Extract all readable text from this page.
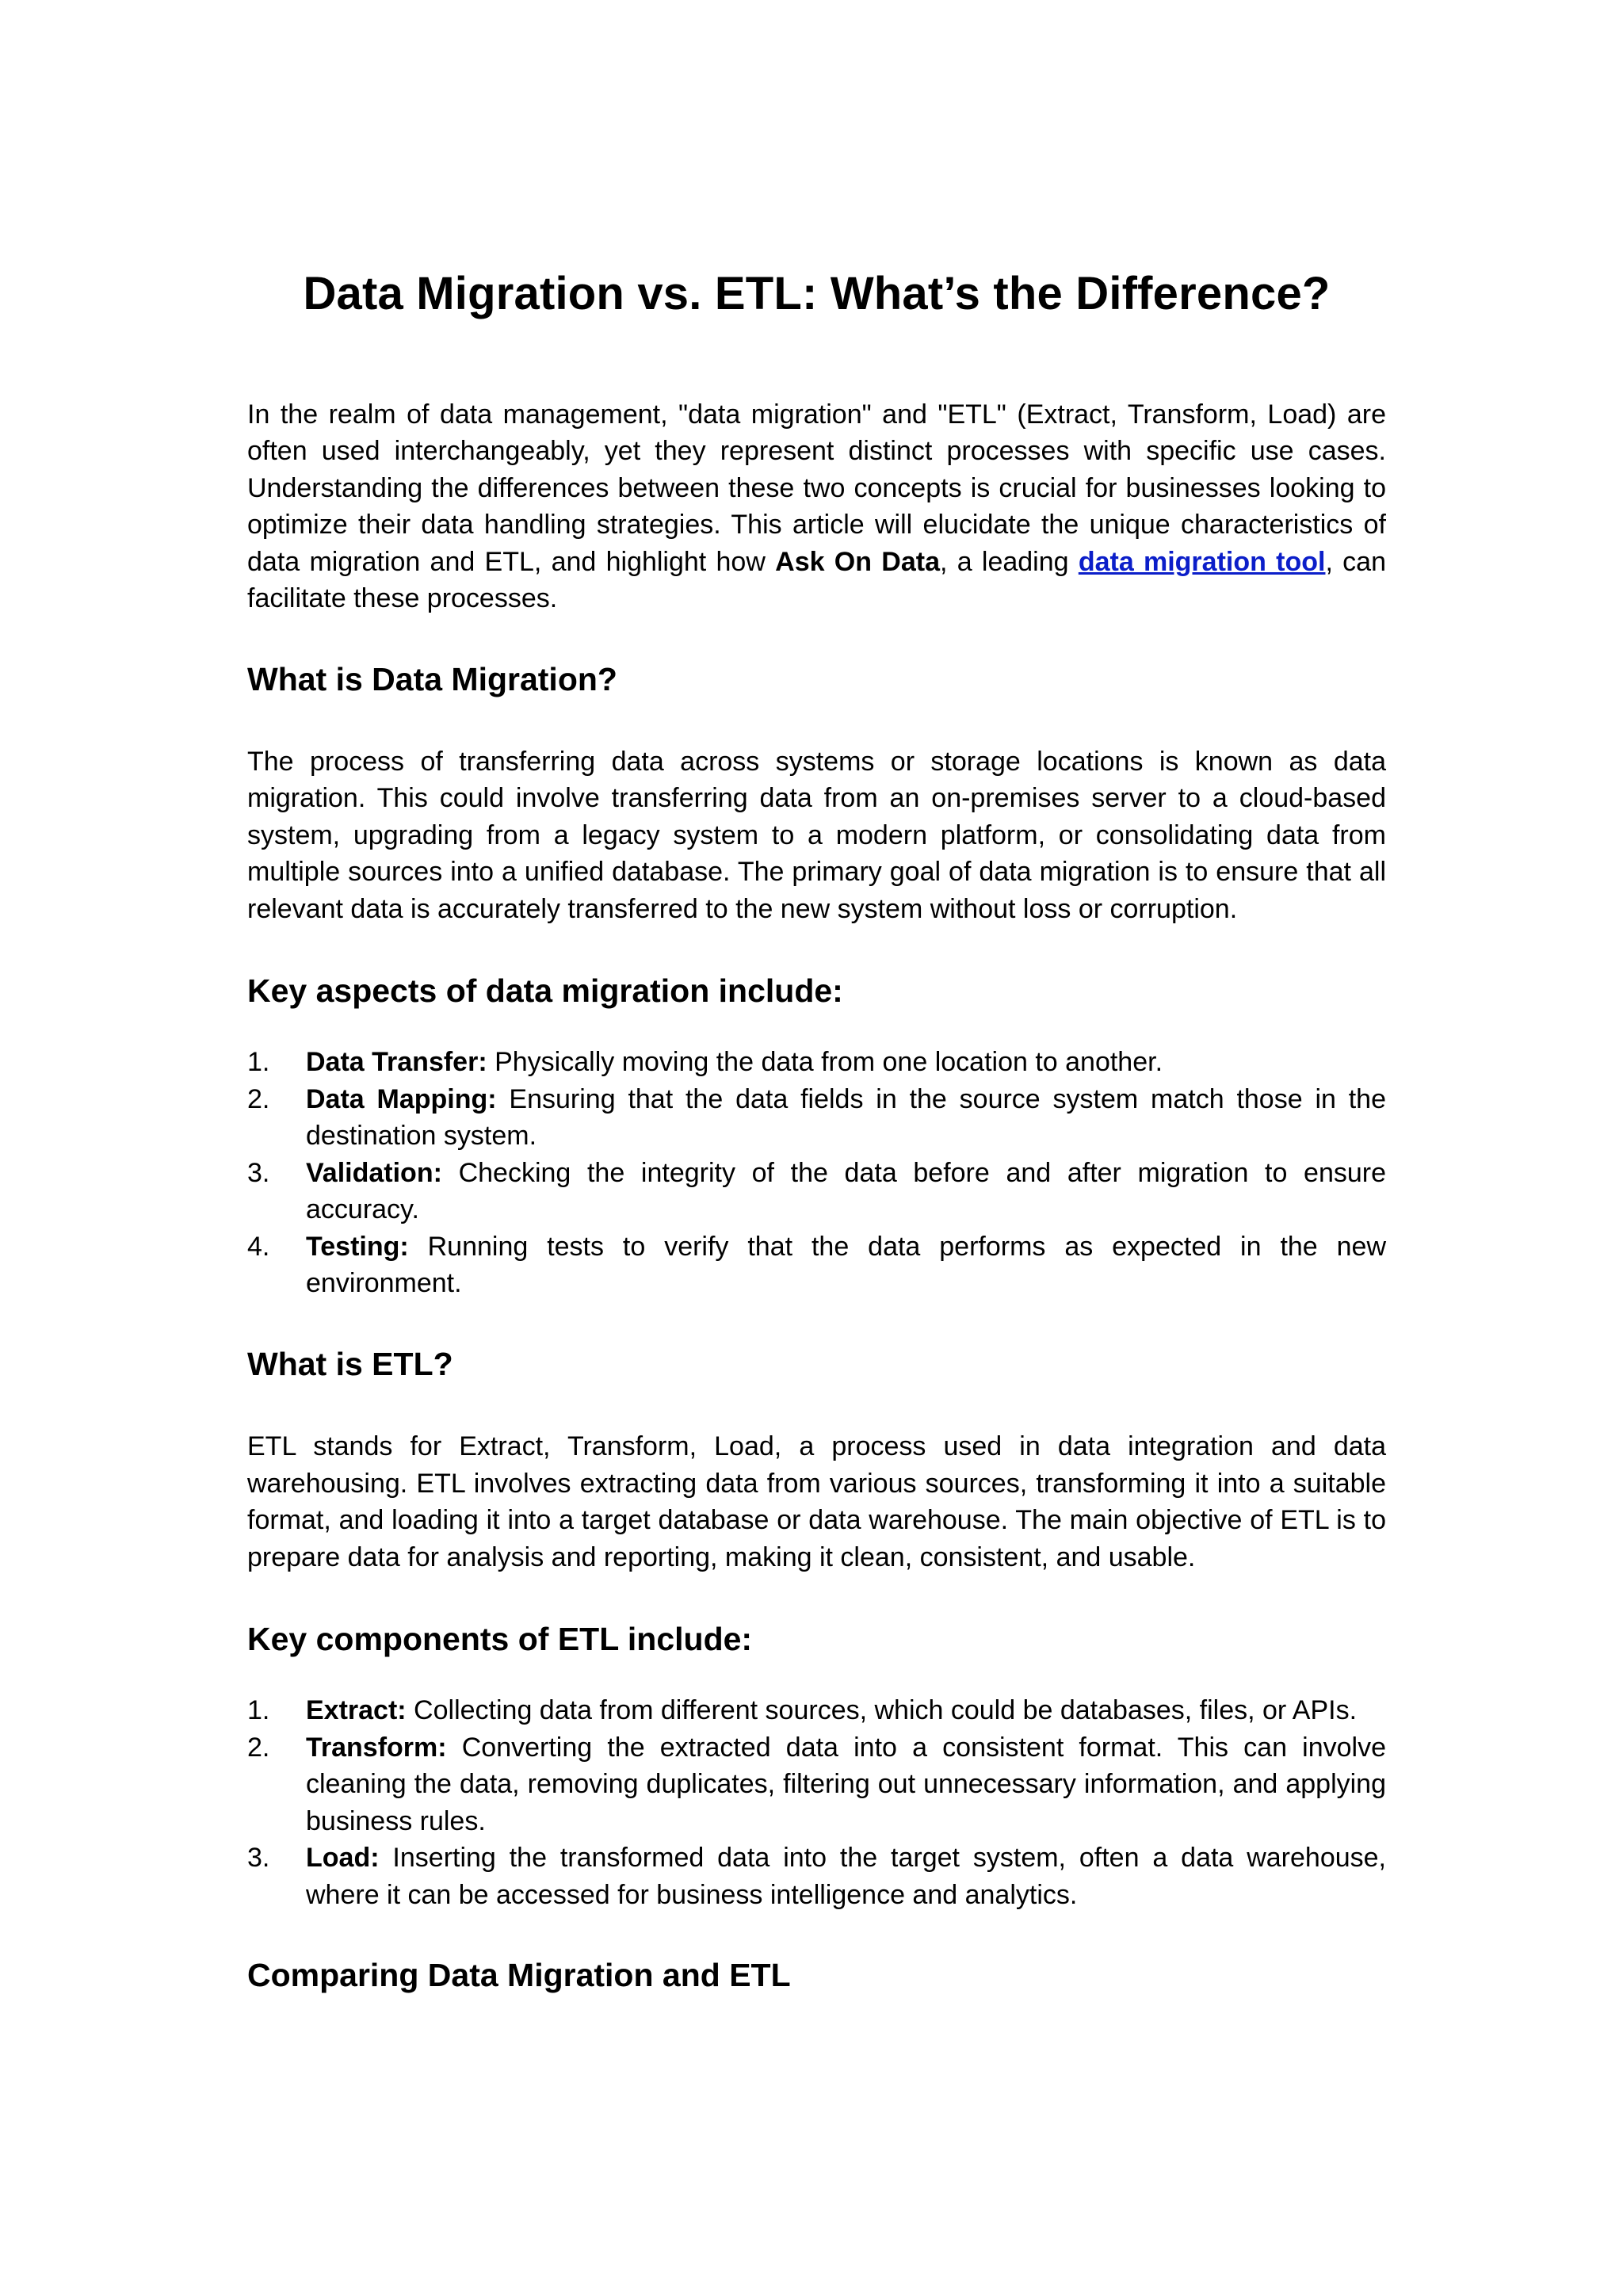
Data Migration vs. ETL: What’s the Difference?

In the realm of data management, "data migration" and "ETL" (Extract, Transform, Load) are often used interchangeably, yet they represent distinct processes with specific use cases. Understanding the differences between these two concepts is crucial for businesses looking to optimize their data handling strategies. This article will elucidate the unique characteristics of data migration and ETL, and highlight how Ask On Data, a leading data migration tool, can facilitate these processes.

What is Data Migration?

The process of transferring data across systems or storage locations is known as data migration. This could involve transferring data from an on-premises server to a cloud-based system, upgrading from a legacy system to a modern platform, or consolidating data from multiple sources into a unified database. The primary goal of data migration is to ensure that all relevant data is accurately transferred to the new system without loss or corruption.

Key aspects of data migration include:
1. Data Transfer: Physically moving the data from one location to another.
2. Data Mapping: Ensuring that the data fields in the source system match those in the destination system.
3. Validation: Checking the integrity of the data before and after migration to ensure accuracy.
4. Testing: Running tests to verify that the data performs as expected in the new environment.
What is ETL?

ETL stands for Extract, Transform, Load, a process used in data integration and data warehousing. ETL involves extracting data from various sources, transforming it into a suitable format, and loading it into a target database or data warehouse. The main objective of ETL is to prepare data for analysis and reporting, making it clean, consistent, and usable.

Key components of ETL include:
1. Extract: Collecting data from different sources, which could be databases, files, or APIs.
2. Transform: Converting the extracted data into a consistent format. This can involve cleaning the data, removing duplicates, filtering out unnecessary information, and applying business rules.
3. Load: Inserting the transformed data into the target system, often a data warehouse, where it can be accessed for business intelligence and analytics.
Comparing Data Migration and ETL
